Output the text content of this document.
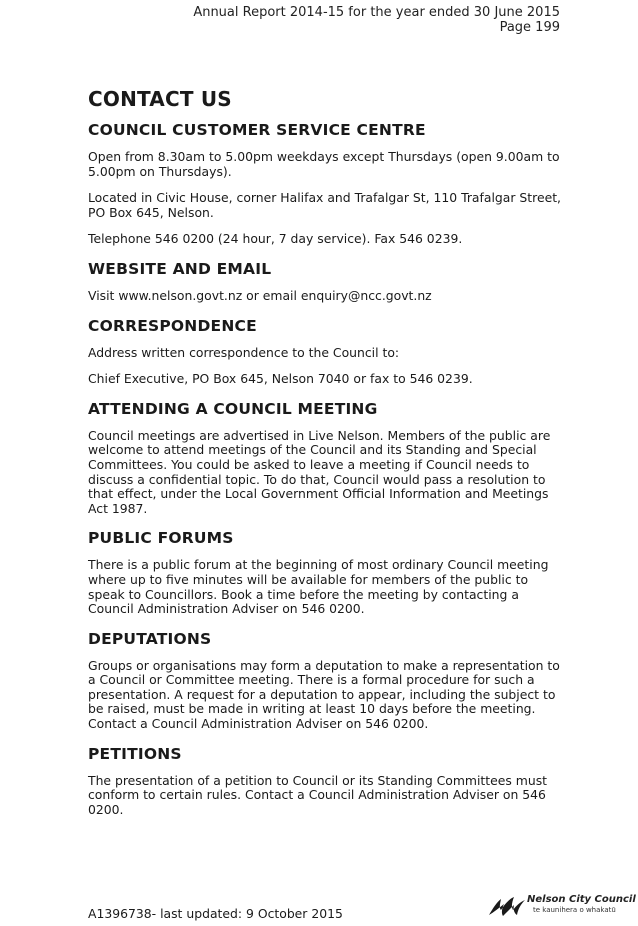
Annual Report 2014-15 for the year ended 30 June 2015
Page 199
CONTACT US
COUNCIL CUSTOMER SERVICE CENTRE

Open from 8.30am to 5.00pm weekdays except Thursdays (open 9.00am to 5.00pm on Thursdays).

Located in Civic House, corner Halifax and Trafalgar St, 110 Trafalgar Street, PO Box 645, Nelson.

Telephone 546 0200 (24 hour, 7 day service). Fax 546 0239.

WEBSITE AND EMAIL

Visit www.nelson.govt.nz or email enquiry@ncc.govt.nz

CORRESPONDENCE

Address written correspondence to the Council to:

Chief Executive, PO Box 645, Nelson 7040 or fax to 546 0239.

ATTENDING A COUNCIL MEETING

Council meetings are advertised in Live Nelson. Members of the public are welcome to attend meetings of the Council and its Standing and Special Committees. You could be asked to leave a meeting if Council needs to discuss a confidential topic. To do that, Council would pass a resolution to that effect, under the Local Government Official Information and Meetings Act 1987.

PUBLIC FORUMS

There is a public forum at the beginning of most ordinary Council meeting where up to five minutes will be available for members of the public to speak to Councillors. Book a time before the meeting by contacting a Council Administration Adviser on 546 0200.

DEPUTATIONS

Groups or organisations may form a deputation to make a representation to a Council or Committee meeting. There is a formal procedure for such a presentation. A request for a deputation to appear, including the subject to be raised, must be made in writing at least 10 days before the meeting. Contact a Council Administration Adviser on 546 0200.

PETITIONS

The presentation of a petition to Council or its Standing Committees must conform to certain rules. Contact a Council Administration Adviser on 546 0200.

A1396738- last updated: 9 October 2015
Nelson City Council
te kaunihera o whakatū
